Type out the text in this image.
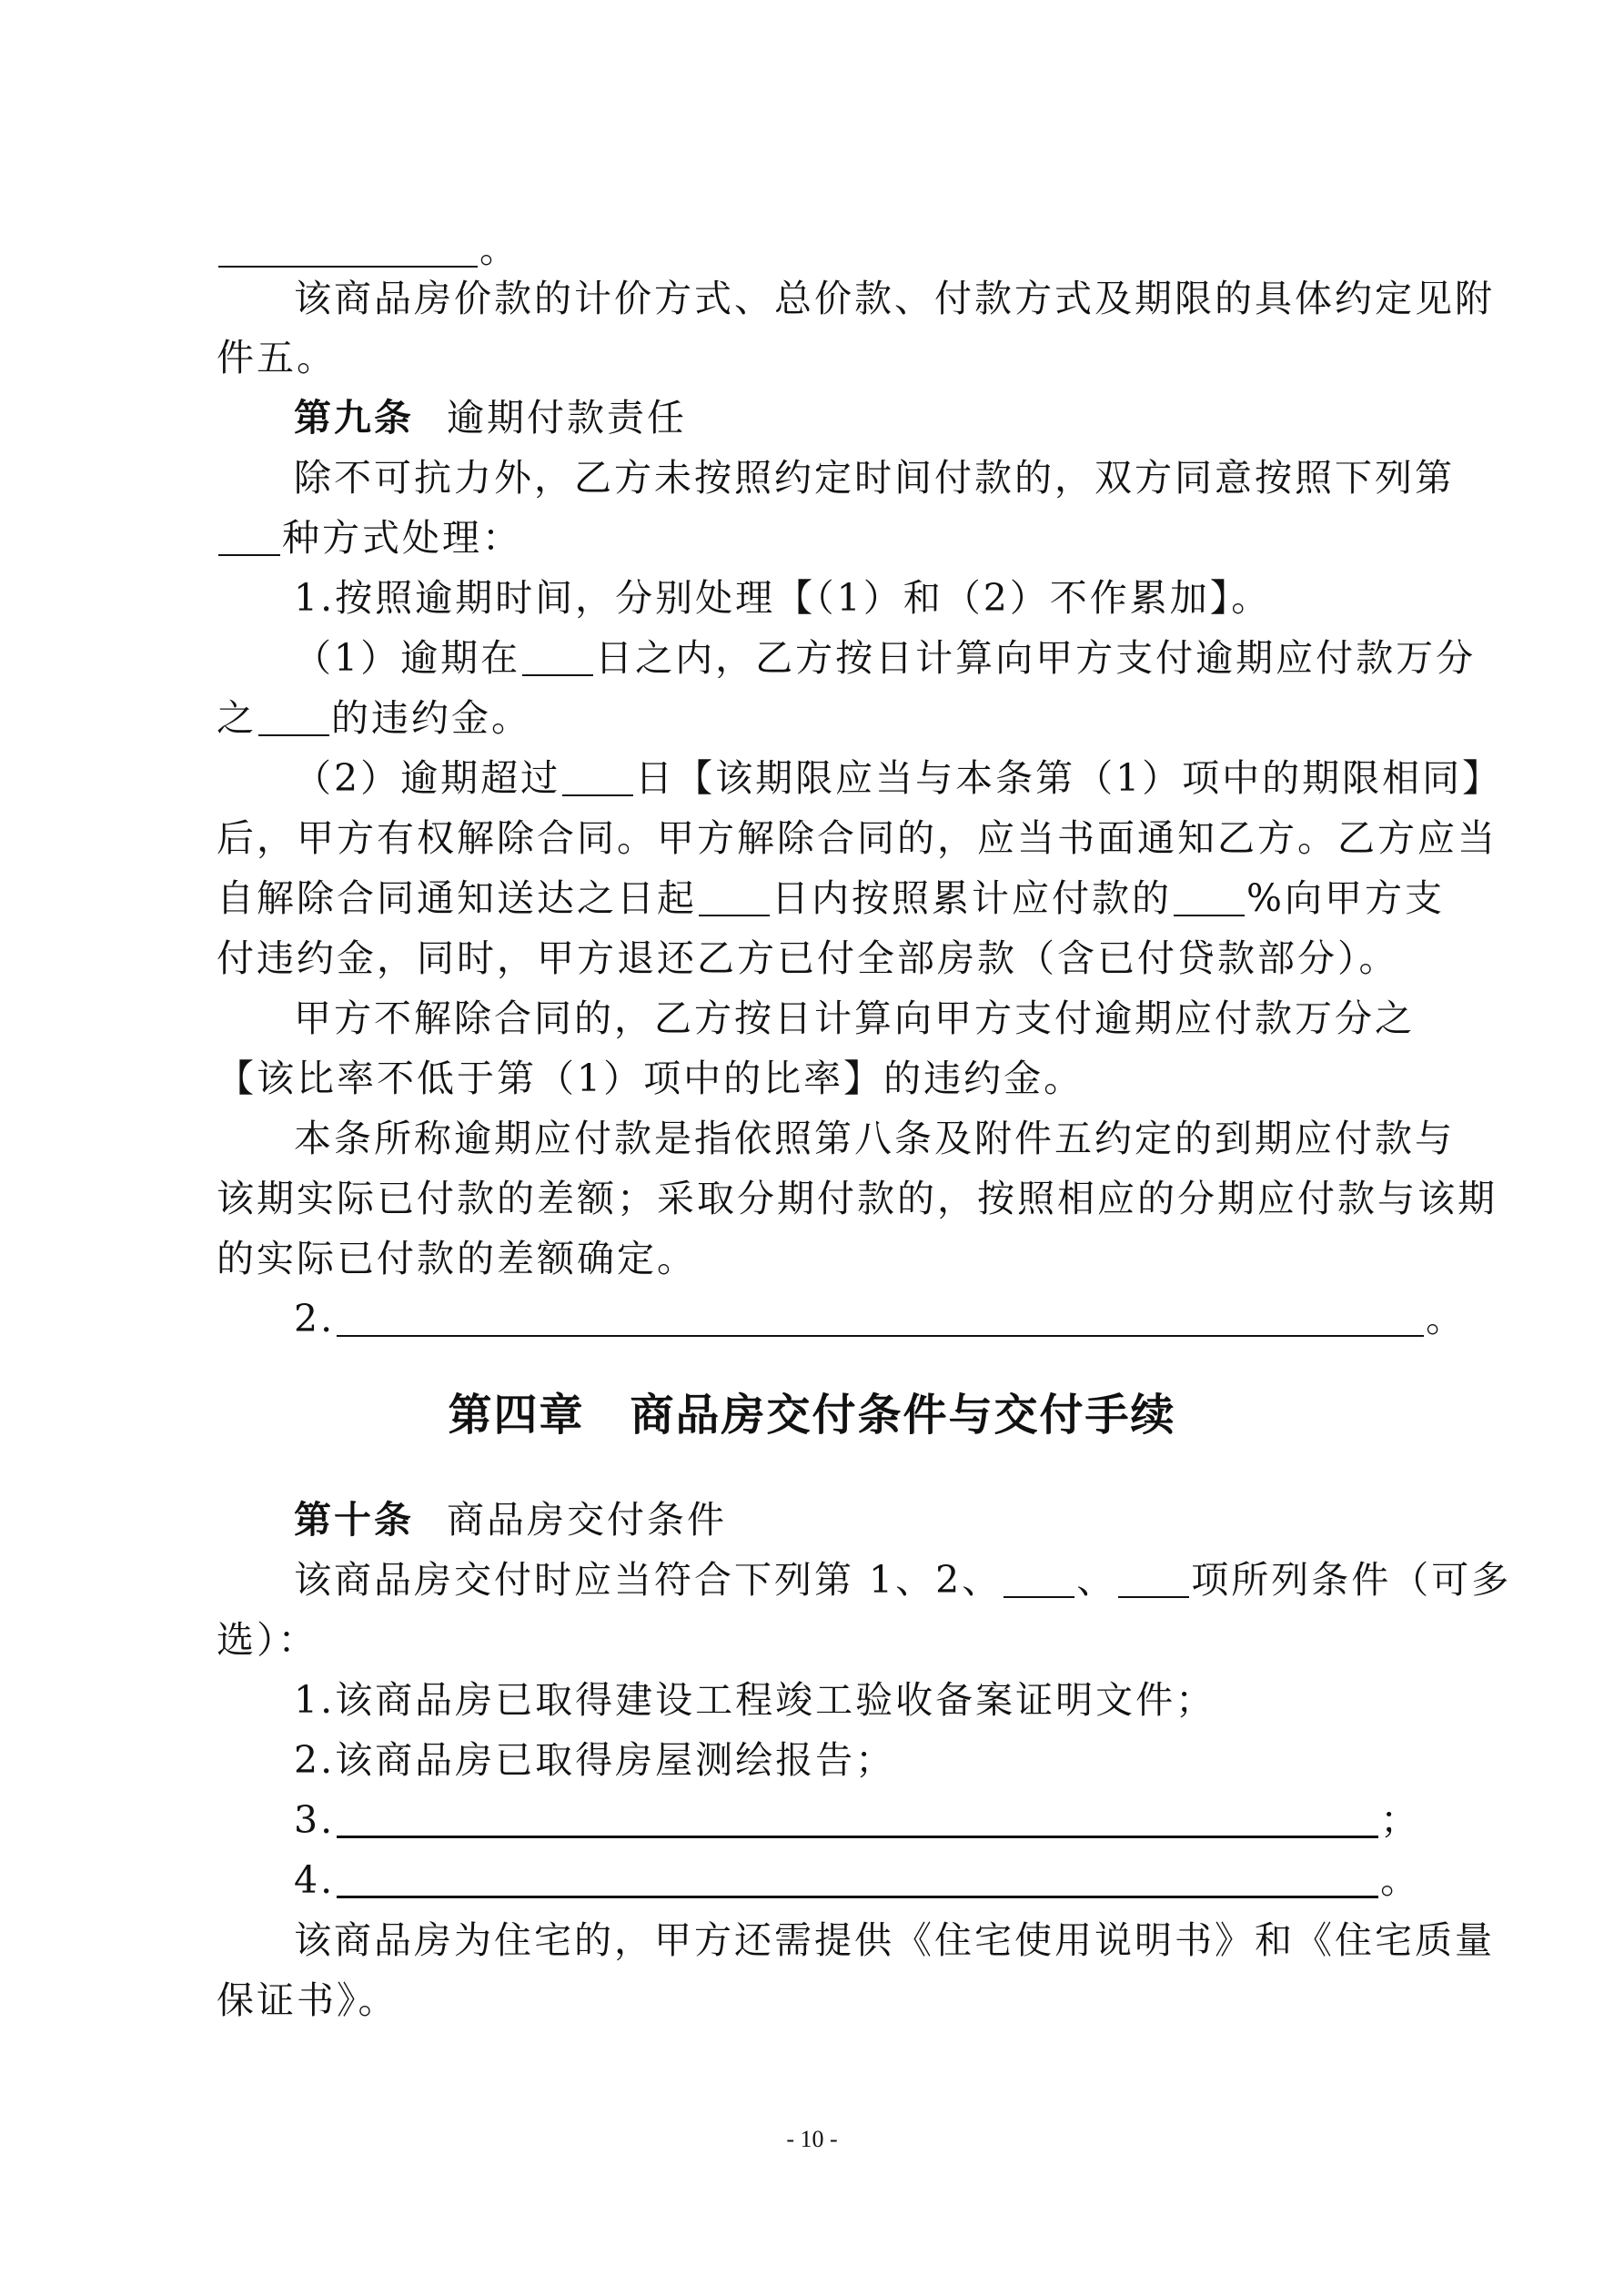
。
该商品房价款的计价方式、总价款、付款方式及期限的具体约定见附
件五。
第九条 逾期付款责任
除不可抗力外，乙方未按照约定时间付款的，双方同意按照下列第
种方式处理：
1.按照逾期时间，分别处理【（1）和（2）不作累加】。
（1）逾期在 日之内，乙方按日计算向甲方支付逾期应付款万分
之 的违约金。
（2）逾期超过 日【该期限应当与本条第（1）项中的期限相同】
后，甲方有权解除合同。甲方解除合同的，应当书面通知乙方。乙方应当
自解除合同通知送达之日起 日内按照累计应付款的 %向甲方支
付违约金，同时，甲方退还乙方已付全部房款（含已付贷款部分）。
甲方不解除合同的，乙方按日计算向甲方支付逾期应付款万分之
【该比率不低于第（1）项中的比率】的违约金。
本条所称逾期应付款是指依照第八条及附件五约定的到期应付款与
该期实际已付款的差额；采取分期付款的，按照相应的分期应付款与该期
的实际已付款的差额确定。
2.	。
第四章　商品房交付条件与交付手续
第十条 商品房交付条件
该商品房交付时应当符合下列第 1、2、 、 项所列条件（可多
选）：
1.该商品房已取得建设工程竣工验收备案证明文件；
2.该商品房已取得房屋测绘报告；
3.	；
4.	。
该商品房为住宅的，甲方还需提供《住宅使用说明书》和《住宅质量
保证书》。
- 10 -
